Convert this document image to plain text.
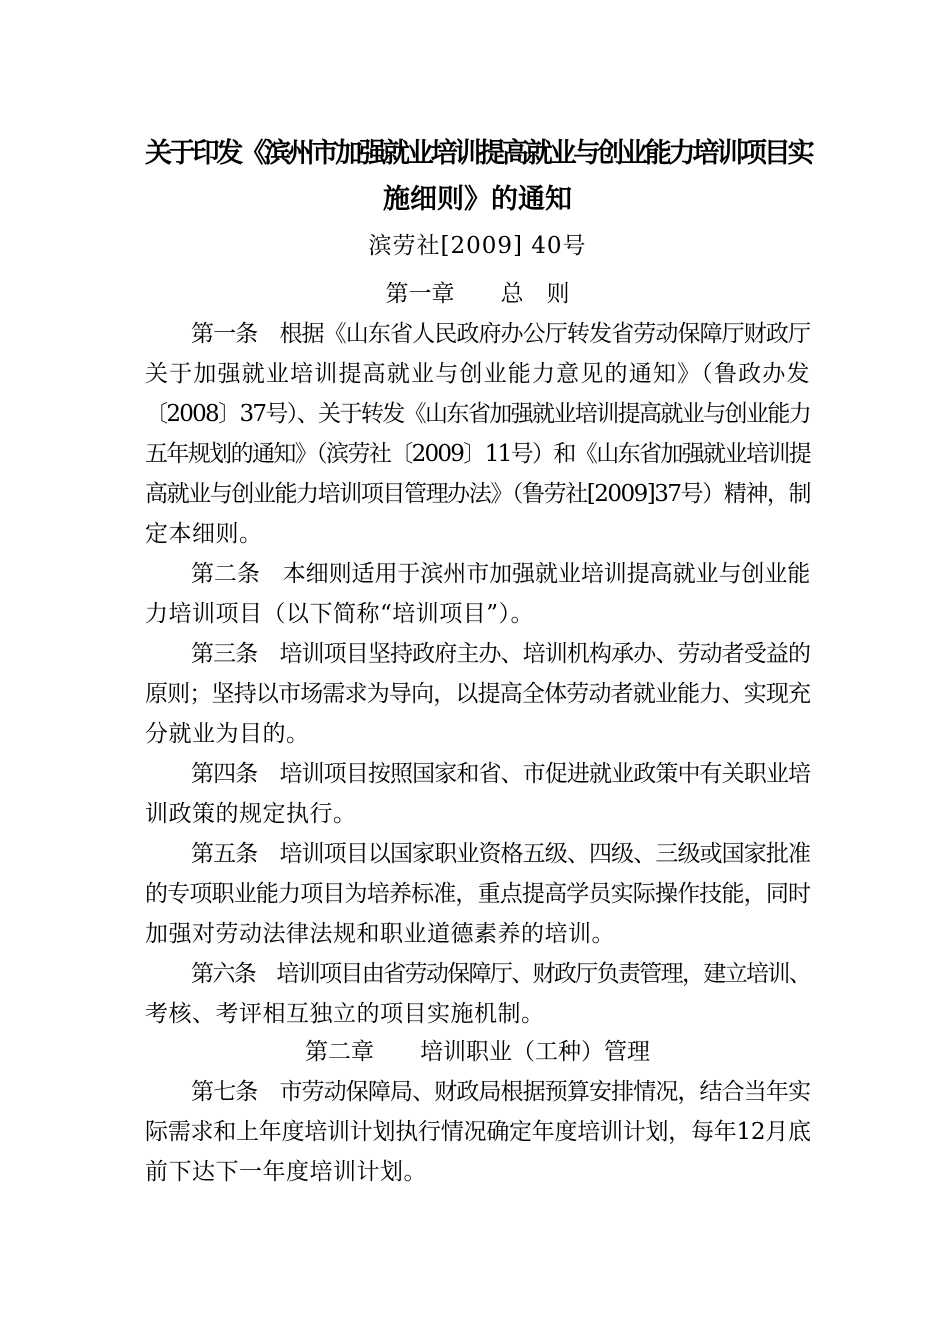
关于印发《滨州市加强就业培训提高就业与创业能力培训项目实
施细则》的通知
滨劳社[2009] 40号
第一章　　总　则
第一条　根据《山东省人民政府办公厅转发省劳动保障厅财政厅
关于加强就业培训提高就业与创业能力意见的通知》（鲁政办发
〔2008〕37号）、关于转发《山东省加强就业培训提高就业与创业能力
五年规划的通知》（滨劳社〔2009〕11号）和《山东省加强就业培训提
高就业与创业能力培训项目管理办法》（鲁劳社[2009]37号）精神，制
定本细则。
第二条　本细则适用于滨州市加强就业培训提高就业与创业能
力培训项目（以下简称“培训项目”）。
第三条　培训项目坚持政府主办、培训机构承办、劳动者受益的
原则；坚持以市场需求为导向，以提高全体劳动者就业能力、实现充
分就业为目的。
第四条　培训项目按照国家和省、市促进就业政策中有关职业培
训政策的规定执行。
第五条　培训项目以国家职业资格五级、四级、三级或国家批准
的专项职业能力项目为培养标准，重点提高学员实际操作技能，同时
加强对劳动法律法规和职业道德素养的培训。
第六条　培训项目由省劳动保障厅、财政厅负责管理，建立培训、
考核、考评相互独立的项目实施机制。
第二章　　培训职业（工种）管理
第七条　市劳动保障局、财政局根据预算安排情况，结合当年实
际需求和上年度培训计划执行情况确定年度培训计划，每年12月底
前下达下一年度培训计划。
